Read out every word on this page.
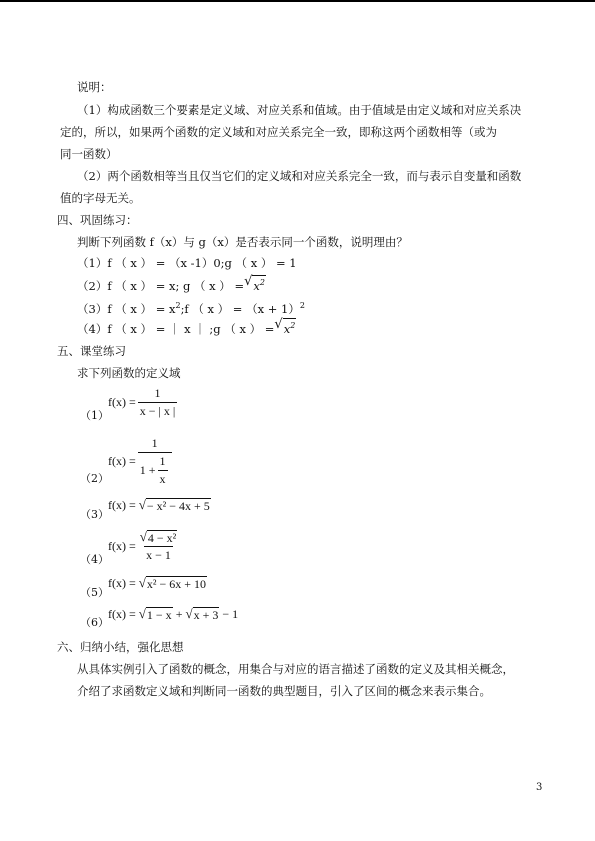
说明：
（1）构成函数三个要素是定义域、对应关系和值域。由于值域是由定义域和对应关系决
定的，所以，如果两个函数的定义域和对应关系完全一致，即称这两个函数相等（或为
同一函数）
（2）两个函数相等当且仅当它们的定义域和对应关系完全一致，而与表示自变量和函数
值的字母无关。
四、巩固练习：
判断下列函数 f（x）与 g（x）是否表示同一个函数，说明理由？
（1）f （ x ） = （x -1）0;g （ x ） = 1
（2） f （ x ） = x; g （ x ） = √ $x^2$
（3）f （ x ） = $x^2;f$ （ x ） = $(x + 1)^2$
（4） f （ x ） = ｜ x ｜ ;g （ x ） = √ $x^2$
五、课堂练习
求下列函数的定义域
（1）
$f(x) = \frac{1}{x - | x |}$
（2）
$f(x) = \frac{1}{1 + \frac{1}{x}}$
（3）
f(x) =
√ − x² − 4x + 5
（4）
$f(x) = \frac{\text{√ 4 − x²}}{x - 1}$
（5）
f(x) =
√ x² − 6x + 10
（6）
f(x) =
√ 1 − x
+
√ x + 3
− 1
六、归纳小结，强化思想
从具体实例引入了函数的概念，用集合与对应的语言描述了函数的定义及其相关概念，
介绍了求函数定义域和判断同一函数的典型题目，引入了区间的概念来表示集合。
3
